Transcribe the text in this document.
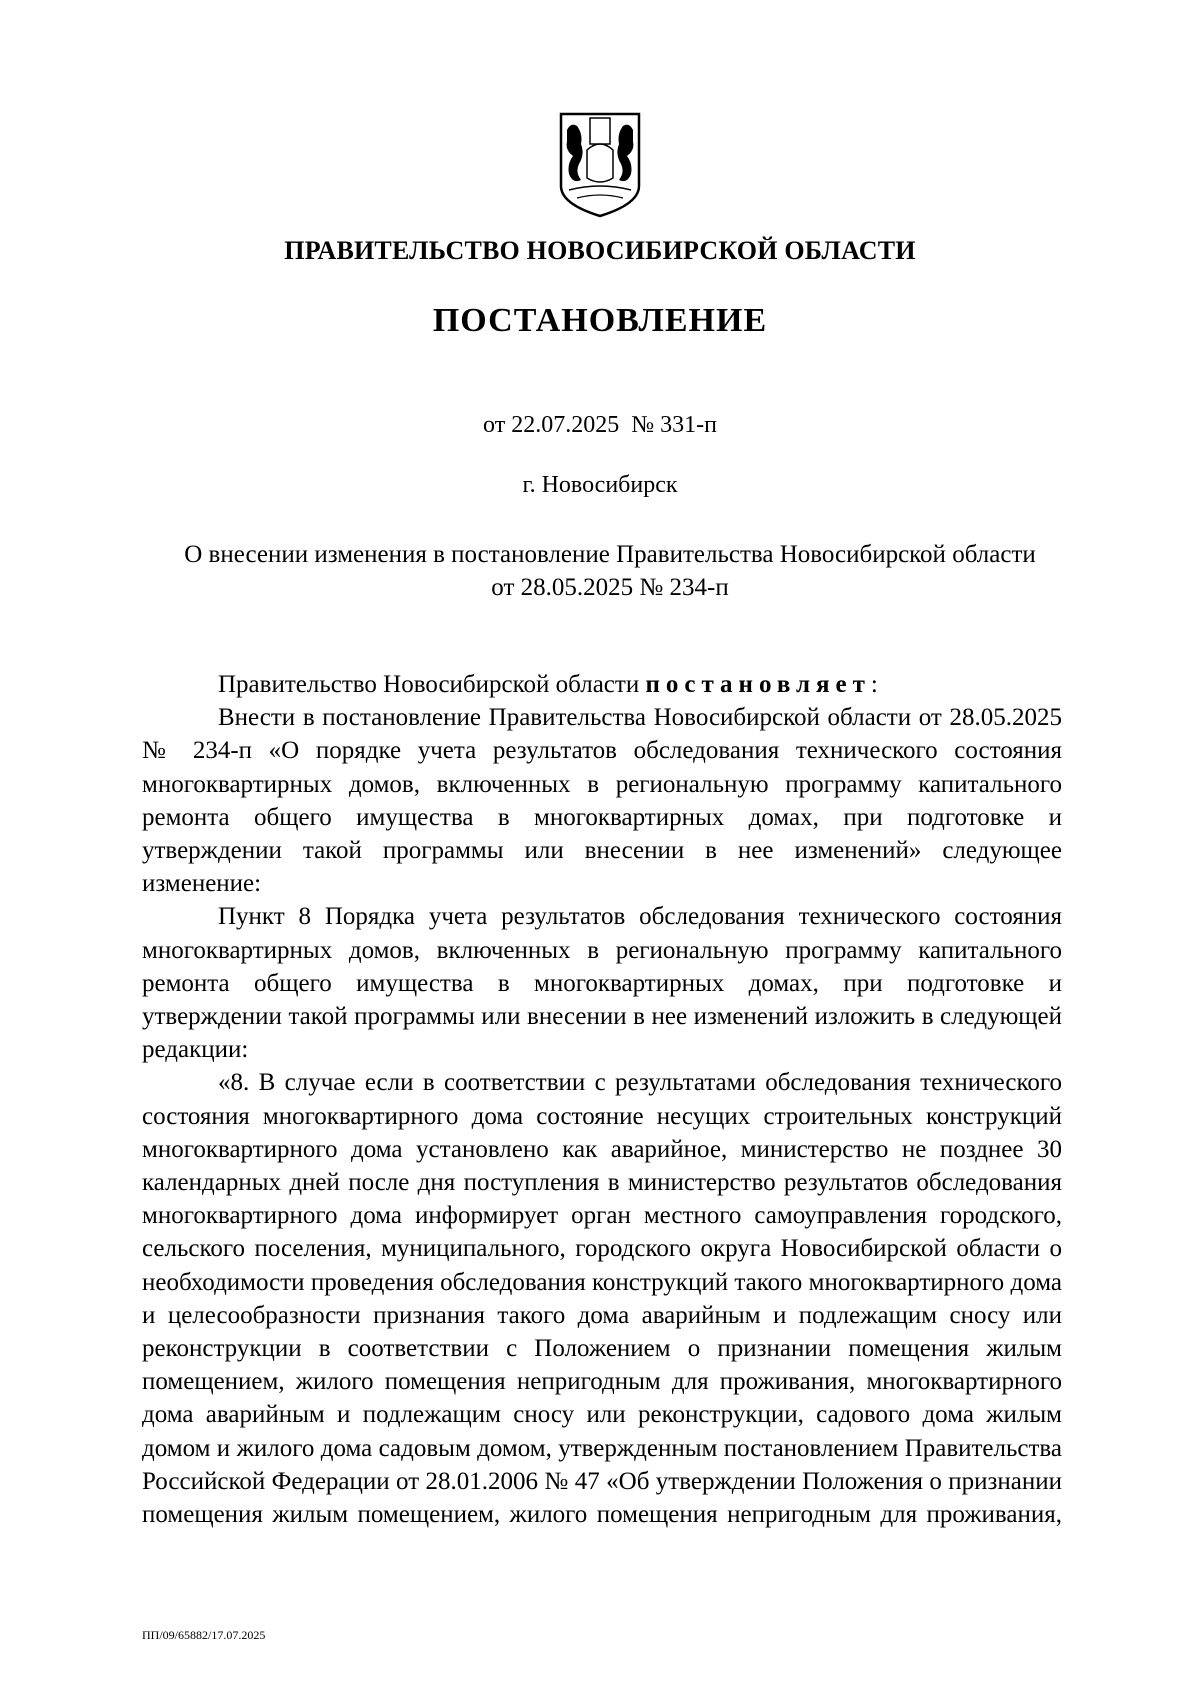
ПРАВИТЕЛЬСТВО НОВОСИБИРСКОЙ ОБЛАСТИ
ПОСТАНОВЛЕНИЕ
от 22.07.2025  № 331-п
г. Новосибирск
О внесении изменения в постановление Правительства Новосибирской области
от 28.05.2025 № 234-п

Правительство Новосибирской области постановляет:

Внести в постановление Правительства Новосибирской области от 28.05.2025 № 234-п «О порядке учета результатов обследования технического состояния многоквартирных домов, включенных в региональную программу капитального ремонта общего имущества в многоквартирных домах, при подготовке и утверждении такой программы или внесении в нее изменений» следующее изменение:

Пункт 8 Порядка учета результатов обследования технического состояния многоквартирных домов, включенных в региональную программу капитального ремонта общего имущества в многоквартирных домах, при подготовке и утверждении такой программы или внесении в нее изменений изложить в следующей редакции:

«8. В случае если в соответствии с результатами обследования технического состояния многоквартирного дома состояние несущих строительных конструкций многоквартирного дома установлено как аварийное, министерство не позднее 30 календарных дней после дня поступления в министерство результатов обследования многоквартирного дома информирует орган местного самоуправления городского, сельского поселения, муниципального, городского округа Новосибирской области о необходимости проведения обследования конструкций такого многоквартирного дома и целесообразности признания такого дома аварийным и подлежащим сносу или реконструкции в соответствии с Положением о признании помещения жилым помещением, жилого помещения непригодным для проживания, многоквартирного дома аварийным и подлежащим сносу или реконструкции, садового дома жилым домом и жилого дома садовым домом, утвержденным постановлением Правительства Российской Федерации от 28.01.2006 № 47 «Об утверждении Положения о признании помещения жилым помещением, жилого помещения непригодным для проживания,

ПП/09/65882/17.07.2025
